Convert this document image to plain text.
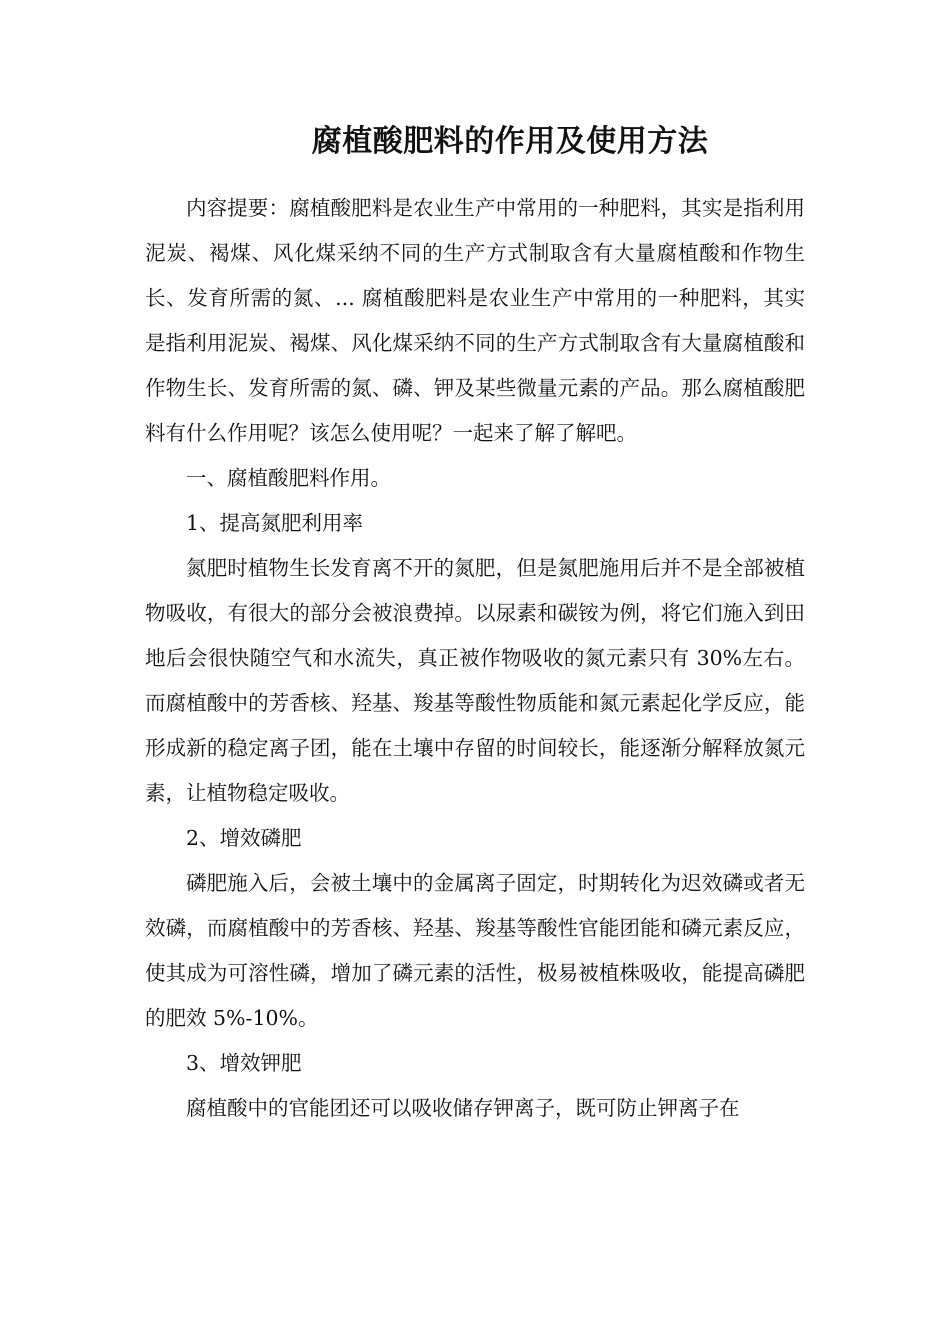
腐植酸肥料的作用及使用方法

内容提要：腐植酸肥料是农业生产中常用的一种肥料，其实是指利用泥炭、褐煤、风化煤采纳不同的生产方式制取含有大量腐植酸和作物生长、发育所需的氮、... 腐植酸肥料是农业生产中常用的一种肥料，其实是指利用泥炭、褐煤、风化煤采纳不同的生产方式制取含有大量腐植酸和作物生长、发育所需的氮、磷、钾及某些微量元素的产品。那么腐植酸肥料有什么作用呢？该怎么使用呢？一起来了解了解吧。

一、腐植酸肥料作用。

1、提高氮肥利用率

氮肥时植物生长发育离不开的氮肥，但是氮肥施用后并不是全部被植物吸收，有很大的部分会被浪费掉。以尿素和碳铵为例，将它们施入到田地后会很快随空气和水流失，真正被作物吸收的氮元素只有 30%左右。而腐植酸中的芳香核、羟基、羧基等酸性物质能和氮元素起化学反应，能形成新的稳定离子团，能在土壤中存留的时间较长，能逐渐分解释放氮元素，让植物稳定吸收。

2、增效磷肥

磷肥施入后，会被土壤中的金属离子固定，时期转化为迟效磷或者无效磷，而腐植酸中的芳香核、羟基、羧基等酸性官能团能和磷元素反应，使其成为可溶性磷，增加了磷元素的活性，极易被植株吸收，能提高磷肥的肥效 5%-10%。

3、增效钾肥

腐植酸中的官能团还可以吸收储存钾离子，既可防止钾离子在
